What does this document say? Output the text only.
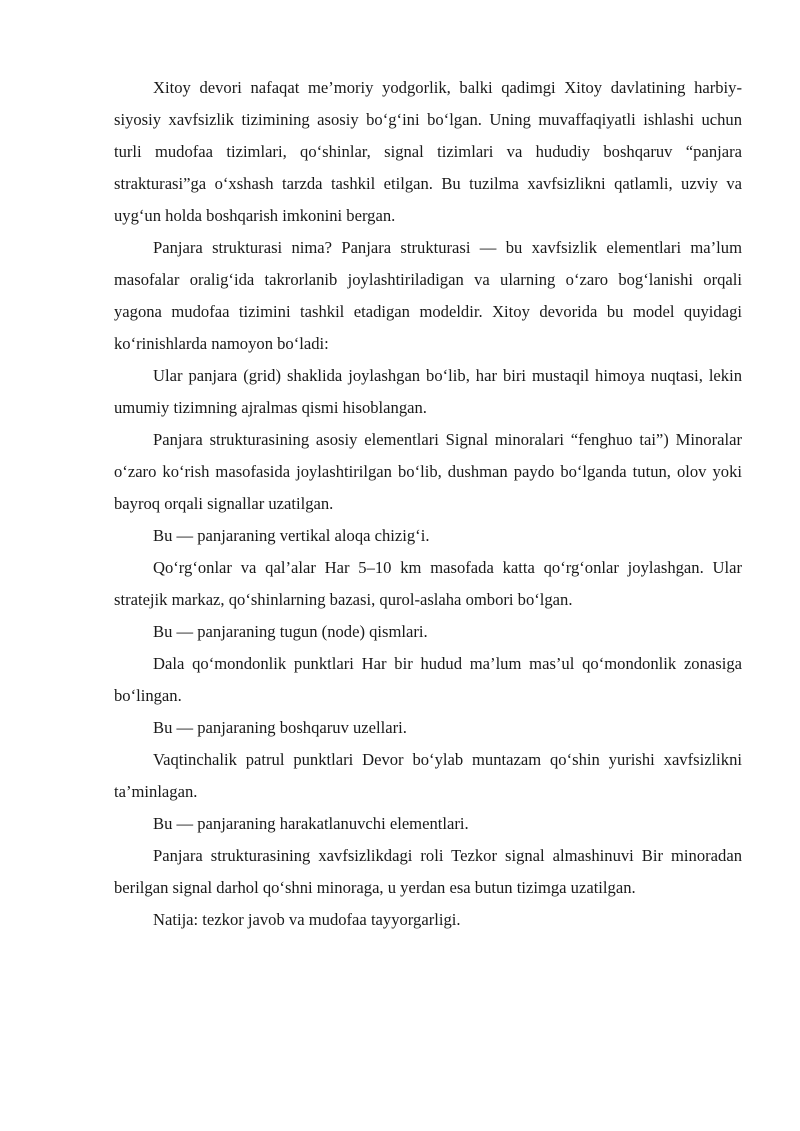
Xitoy devori nafaqat me’moriy yodgorlik, balki qadimgi Xitoy davlatining harbiy-siyosiy xavfsizlik tizimining asosiy bo‘g‘ini bo‘lgan. Uning muvaffaqiyatli ishlashi uchun turli mudofaa tizimlari, qo‘shinlar, signal tizimlari va hududiy boshqaruv “panjara strakturasi”ga o‘xshash tarzda tashkil etilgan. Bu tuzilma xavfsizlikni qatlamli, uzviy va uyg‘un holda boshqarish imkonini bergan.

Panjara strukturasi nima? Panjara strukturasi — bu xavfsizlik elementlari ma’lum masofalar oralig‘ida takrorlanib joylashtiriladigan va ularning o‘zaro bog‘lanishi orqali yagona mudofaa tizimini tashkil etadigan modeldir. Xitoy devorida bu model quyidagi ko‘rinishlarda namoyon bo‘ladi:

Ular panjara (grid) shaklida joylashgan bo‘lib, har biri mustaqil himoya nuqtasi, lekin umumiy tizimning ajralmas qismi hisoblangan.

Panjara strukturasining asosiy elementlari Signal minoralari “fenghuo tai”) Minoralar o‘zaro ko‘rish masofasida joylashtirilgan bo‘lib, dushman paydo bo‘lganda tutun, olov yoki bayroq orqali signallar uzatilgan.

Bu — panjaraning vertikal aloqa chizig‘i.

Qo‘rg‘onlar va qal’alar Har 5–10 km masofada katta qo‘rg‘onlar joylashgan. Ular stratejik markaz, qo‘shinlarning bazasi, qurol-aslaha ombori bo‘lgan.

Bu — panjaraning tugun (node) qismlari.

Dala qo‘mondonlik punktlari Har bir hudud ma’lum mas’ul qo‘mondonlik zonasiga bo‘lingan.

Bu — panjaraning boshqaruv uzellari.

Vaqtinchalik patrul punktlari Devor bo‘ylab muntazam qo‘shin yurishi xavfsizlikni ta’minlagan.

Bu — panjaraning harakatlanuvchi elementlari.

Panjara strukturasining xavfsizlikdagi roli Tezkor signal almashinuvi Bir minoradan berilgan signal darhol qo‘shni minoraga, u yerdan esa butun tizimga uzatilgan.

Natija: tezkor javob va mudofaa tayyorgarligi.
